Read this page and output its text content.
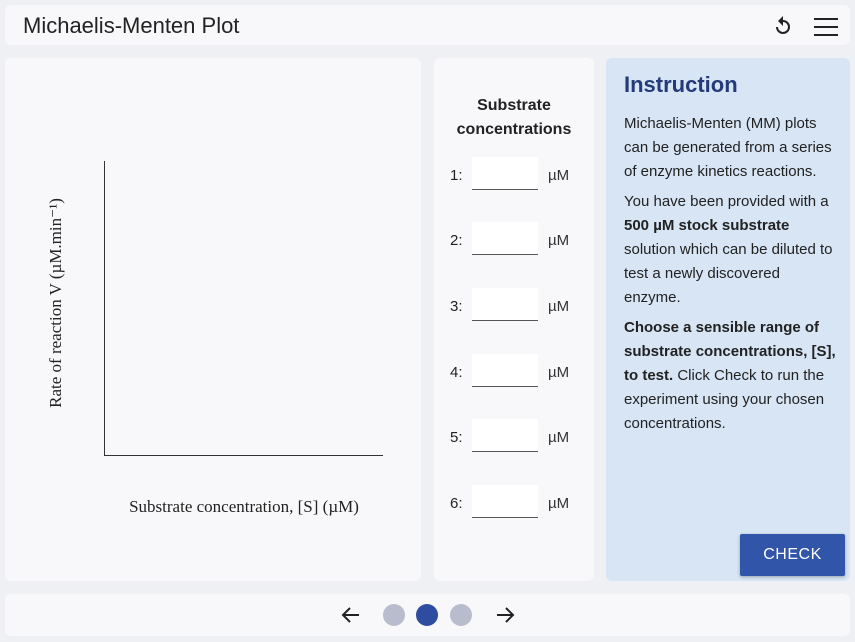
Michaelis-Menten Plot
Rate of reaction V (µM.min⁻¹)
Substrate concentration, [S] (µM)
Substrate
concentrations
1:	µM
2:	µM
3:	µM
4:	µM
5:	µM
6:	µM
Instruction

Michaelis-Menten (MM) plots can be generated from a series of enzyme kinetics reactions.

You have been provided with a 500 µM stock substrate solution which can be diluted to test a newly discovered enzyme.

Choose a sensible range of substrate concentrations, [S], to test. Click Check to run the experiment using your chosen concentrations.

CHECK
